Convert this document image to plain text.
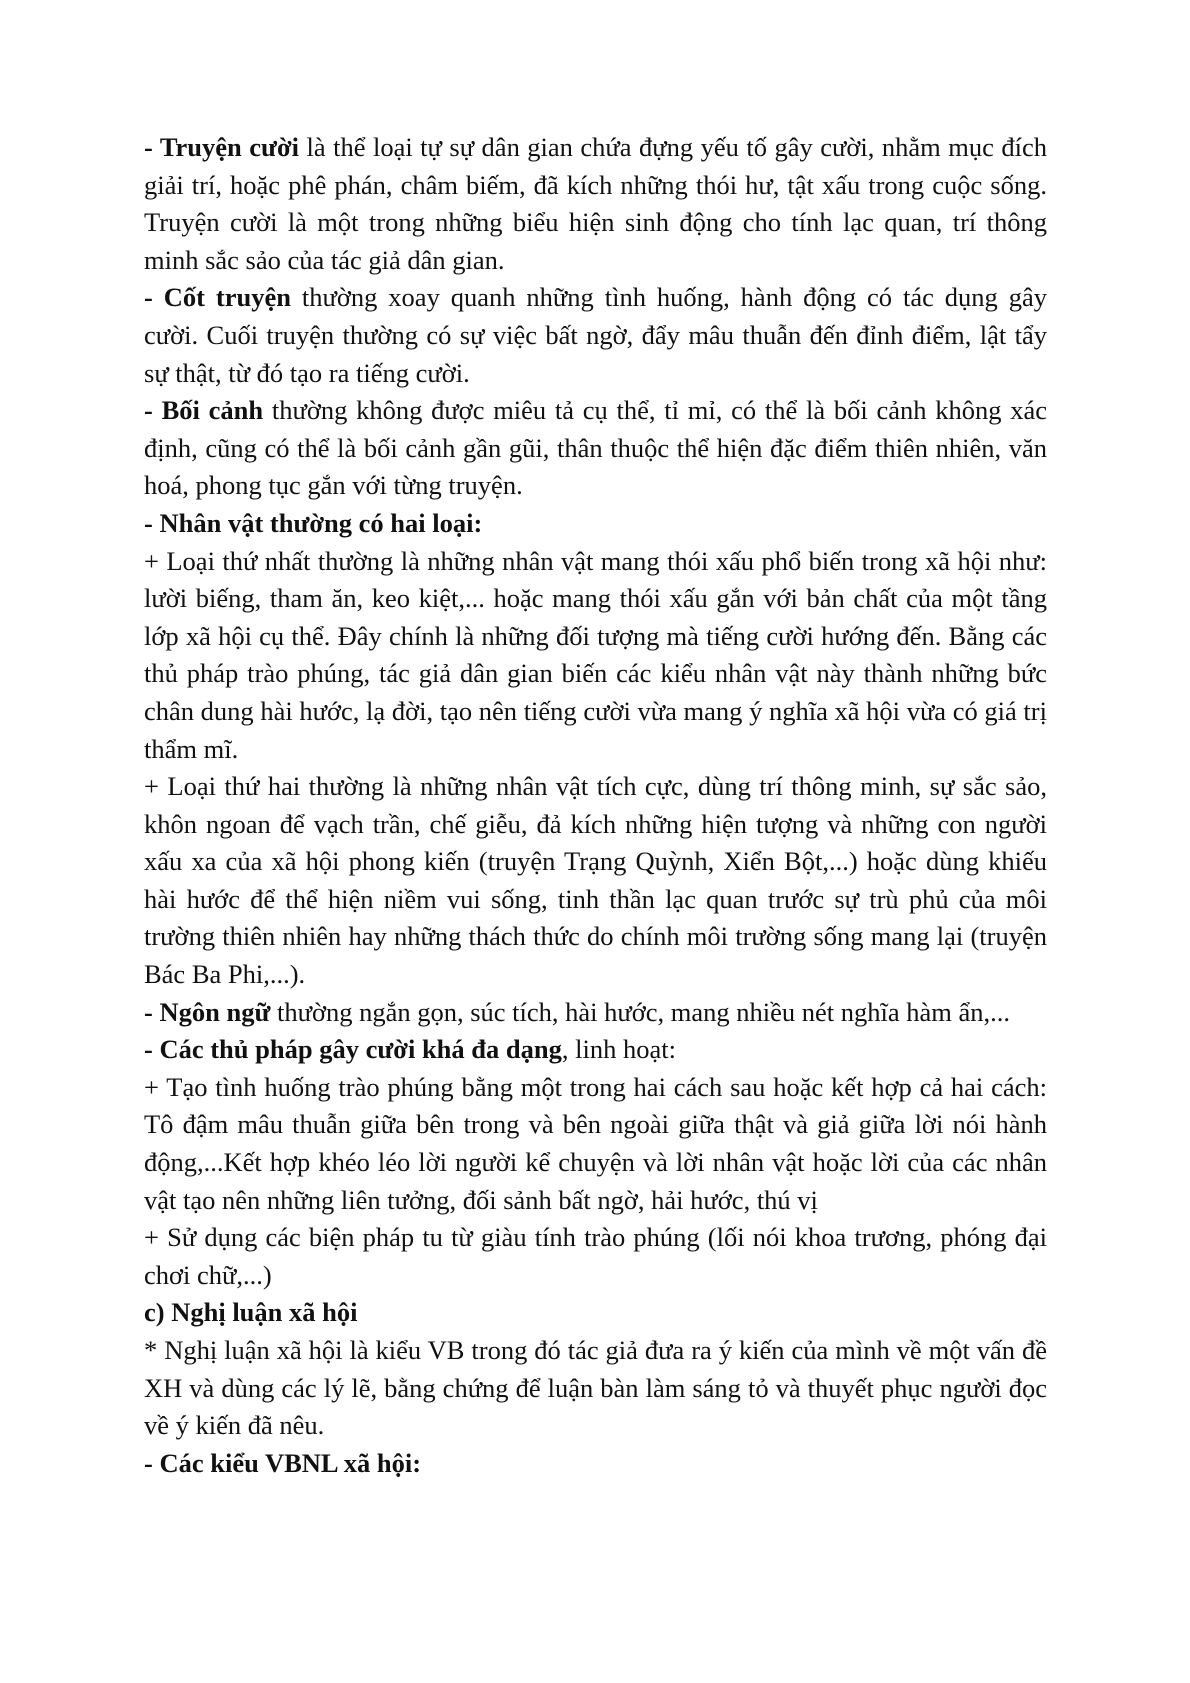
- Truyện cười là thể loại tự sự dân gian chứa đựng yếu tố gây cười, nhằm mục đích giải trí, hoặc phê phán, châm biếm, đã kích những thói hư, tật xấu trong cuộc sống. Truyện cười là một trong những biểu hiện sinh động cho tính lạc quan, trí thông minh sắc sảo của tác giả dân gian.

- Cốt truyện thường xoay quanh những tình huống, hành động có tác dụng gây cười. Cuối truyện thường có sự việc bất ngờ, đẩy mâu thuẫn đến đỉnh điểm, lật tẩy sự thật, từ đó tạo ra tiếng cười.

- Bối cảnh thường không được miêu tả cụ thể, tỉ mỉ, có thể là bối cảnh không xác định, cũng có thể là bối cảnh gần gũi, thân thuộc thể hiện đặc điểm thiên nhiên, văn hoá, phong tục gắn với từng truyện.

- Nhân vật thường có hai loại:

+ Loại thứ nhất thường là những nhân vật mang thói xấu phổ biến trong xã hội như: lười biếng, tham ăn, keo kiệt,... hoặc mang thói xấu gắn với bản chất của một tầng lớp xã hội cụ thể. Đây chính là những đối tượng mà tiếng cười hướng đến. Bằng các thủ pháp trào phúng, tác giả dân gian biến các kiểu nhân vật này thành những bức chân dung hài hước, lạ đời, tạo nên tiếng cười vừa mang ý nghĩa xã hội vừa có giá trị thẩm mĩ.

+ Loại thứ hai thường là những nhân vật tích cực, dùng trí thông minh, sự sắc sảo, khôn ngoan để vạch trần, chế giễu, đả kích những hiện tượng và những con người xấu xa của xã hội phong kiến (truyện Trạng Quỳnh, Xiển Bột,...) hoặc dùng khiếu hài hước để thể hiện niềm vui sống, tinh thần lạc quan trước sự trù phủ của môi trường thiên nhiên hay những thách thức do chính môi trường sống mang lại (truyện Bác Ba Phi,...).

- Ngôn ngữ thường ngắn gọn, súc tích, hài hước, mang nhiều nét nghĩa hàm ẩn,...

- Các thủ pháp gây cười khá đa dạng, linh hoạt:

+ Tạo tình huống trào phúng bằng một trong hai cách sau hoặc kết hợp cả hai cách: Tô đậm mâu thuẫn giữa bên trong và bên ngoài giữa thật và giả giữa lời nói hành động,...Kết hợp khéo léo lời người kể chuyện và lời nhân vật hoặc lời của các nhân vật tạo nên những liên tưởng, đối sảnh bất ngờ, hải hước, thú vị

+ Sử dụng các biện pháp tu từ giàu tính trào phúng (lối nói khoa trương, phóng đại chơi chữ,...)

c) Nghị luận xã hội

* Nghị luận xã hội là kiểu VB trong đó tác giả đưa ra ý kiến của mình về một vấn đề XH và dùng các lý lẽ, bằng chứng để luận bàn làm sáng tỏ và thuyết phục người đọc về ý kiến đã nêu.

- Các kiểu VBNL xã hội:
